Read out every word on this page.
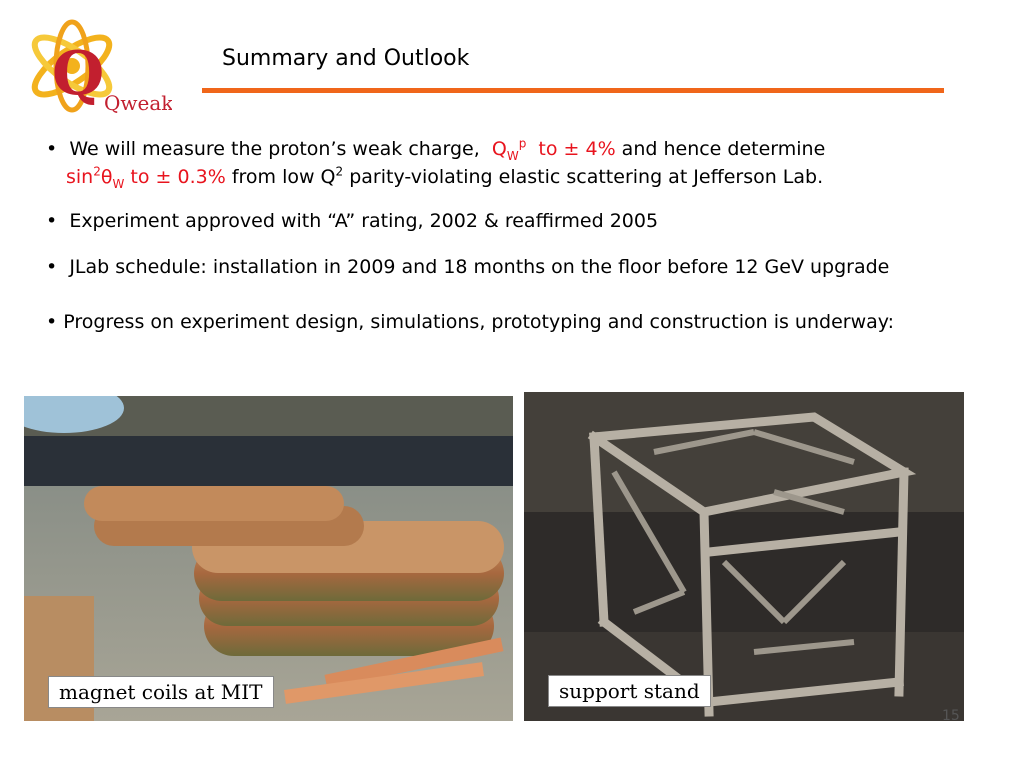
Q Qweak
Summary and Outlook
• We will measure the proton’s weak charge, $Q_W^p$ to ± 4% and hence determine
$\sin^2\theta_W$ to ± 0.3% from low $Q^2$ parity-violating elastic scattering at Jefferson Lab.
• Experiment approved with “A” rating, 2002 & reaffirmed 2005
• JLab schedule: installation in 2009 and 18 months on the floor before 12 GeV upgrade
• Progress on experiment design, simulations, prototyping and construction is underway:
magnet coils at MIT	support stand
15
